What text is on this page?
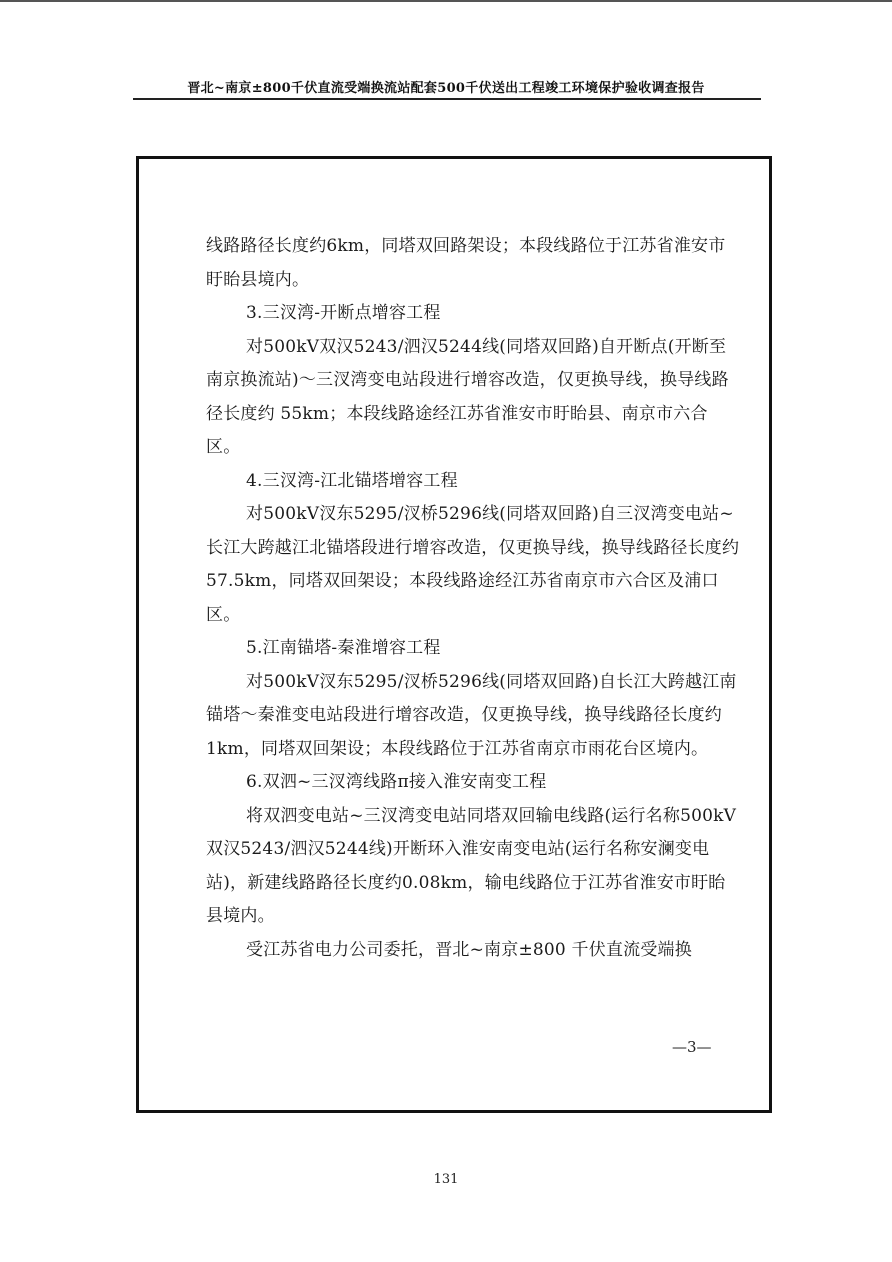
晋北~南京±800千伏直流受端换流站配套500千伏送出工程竣工环境保护验收调查报告

线路路径长度约6km，同塔双回路架设；本段线路位于江苏省淮安市盱眙县境内。

3.三汊湾-开断点增容工程

对500kV双汉5243/泗汉5244线(同塔双回路)自开断点(开断至南京换流站)～三汊湾变电站段进行增容改造，仅更换导线，换导线路径长度约 55km；本段线路途经江苏省淮安市盱眙县、南京市六合区。

4.三汊湾-江北锚塔增容工程

对500kV汊东5295/汊桥5296线(同塔双回路)自三汊湾变电站~长江大跨越江北锚塔段进行增容改造，仅更换导线，换导线路径长度约 57.5km，同塔双回架设；本段线路途经江苏省南京市六合区及浦口区。

5.江南锚塔-秦淮增容工程

对500kV汊东5295/汊桥5296线(同塔双回路)自长江大跨越江南锚塔～秦淮变电站段进行增容改造，仅更换导线，换导线路径长度约1km，同塔双回架设；本段线路位于江苏省南京市雨花台区境内。

6.双泗~三汊湾线路π接入淮安南变工程

将双泗变电站~三汊湾变电站同塔双回输电线路(运行名称500kV双汉5243/泗汉5244线)开断环入淮安南变电站(运行名称安澜变电站)，新建线路路径长度约0.08km，输电线路位于江苏省淮安市盱眙县境内。

受江苏省电力公司委托，晋北~南京±800 千伏直流受端换

—3—
131
